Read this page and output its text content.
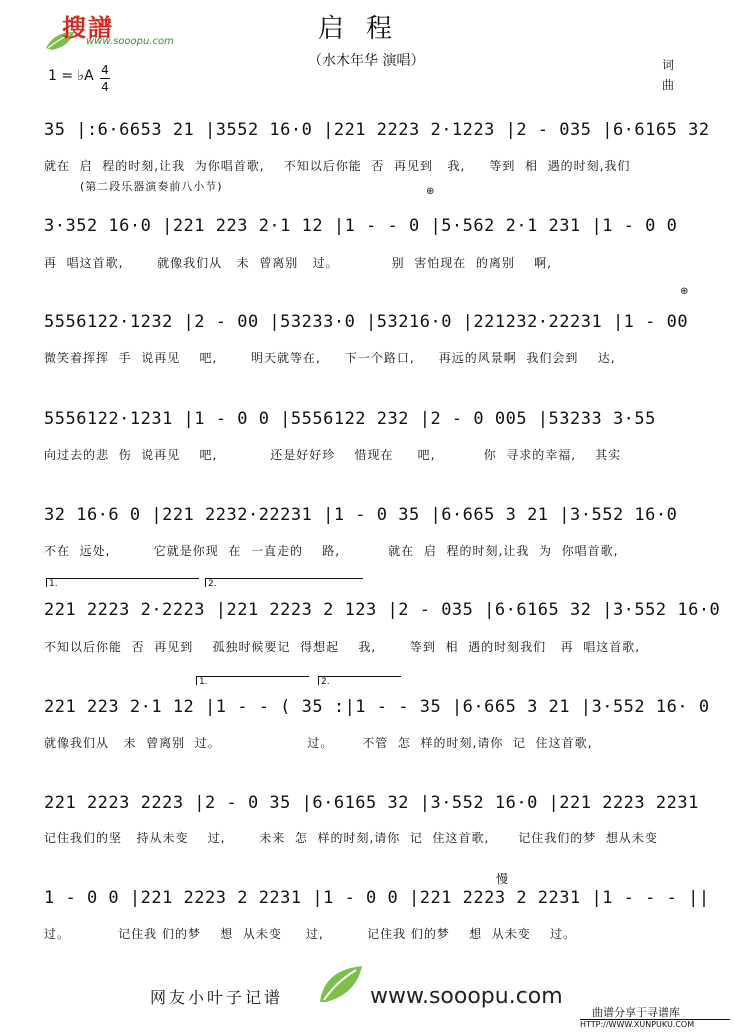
搜譜
www.sooopu.com	启程
（水木年华 演唱）	词
曲
1 = ♭A 4
4
35 |:6·6653 21 |3552 16·0 |221 2223 2·1223 |2 - 035 |6·6165 32
就在  启  程的时刻,让我  为你唱首歌,    不知以后你能  否  再见到   我,     等到  相  遇的时刻,我们
(第二段乐器演奏前八小节)	⊕
3·352 16·0 |221 223 2·1 12 |1 - - 0 |5·562 2·1 231 |1 - 0 0
再  唱这首歌,       就像我们从   未  曾离别   过。           别  害怕现在  的离别    啊,
⊕
5556122·1232 |2 - 00 |53233·0 |53216·0 |221232·22231 |1 - 00
微笑着挥挥  手  说再见    吧,       明天就等在,     下一个路口,     再远的风景啊  我们会到    达,
5556122·1231 |1 - 0 0 |5556122 232 |2 - 0 005 |53233 3·55
向过去的悲  伤  说再见    吧,           还是好好珍    惜现在     吧,          你  寻求的幸福,    其实
32 16·6 0 |221 2232·22231 |1 - 0 35 |6·665 3 21 |3·552 16·0
不在  远处,         它就是你现  在  一直走的    路,          就在  启  程的时刻,让我  为  你唱首歌,
1.	2.
221 2223 2·2223 |221 2223 2 123 |2 - 035 |6·6165 32 |3·552 16·0
不知以后你能  否  再见到    孤独时候要记  得想起    我,       等到  相  遇的时刻我们   再  唱这首歌,
1.	2.
221 223 2·1 12 |1 - - ( 35 :|1 - - 35 |6·665 3 21 |3·552 16· 0
就像我们从   未  曾离别  过。                  过。      不管  怎  样的时刻,请你  记  住这首歌,
221 2223 2223 |2 - 0 35 |6·6165 32 |3·552 16·0 |221 2223 2231
记住我们的坚   持从未变    过,       未来  怎  样的时刻,请你  记  住这首歌,      记住我们的梦  想从未变
慢
1 - 0 0 |221 2223 2 2231 |1 - 0 0 |221 2223 2 2231 |1 - - - ||
过。          记住我 们的梦    想  从未变     过,         记住我 们的梦    想  从未变    过。
网友小叶子记谱	www.sooopu.com
曲谱分享于寻谱库
HTTP://WWW.XUNPUKU.COM
